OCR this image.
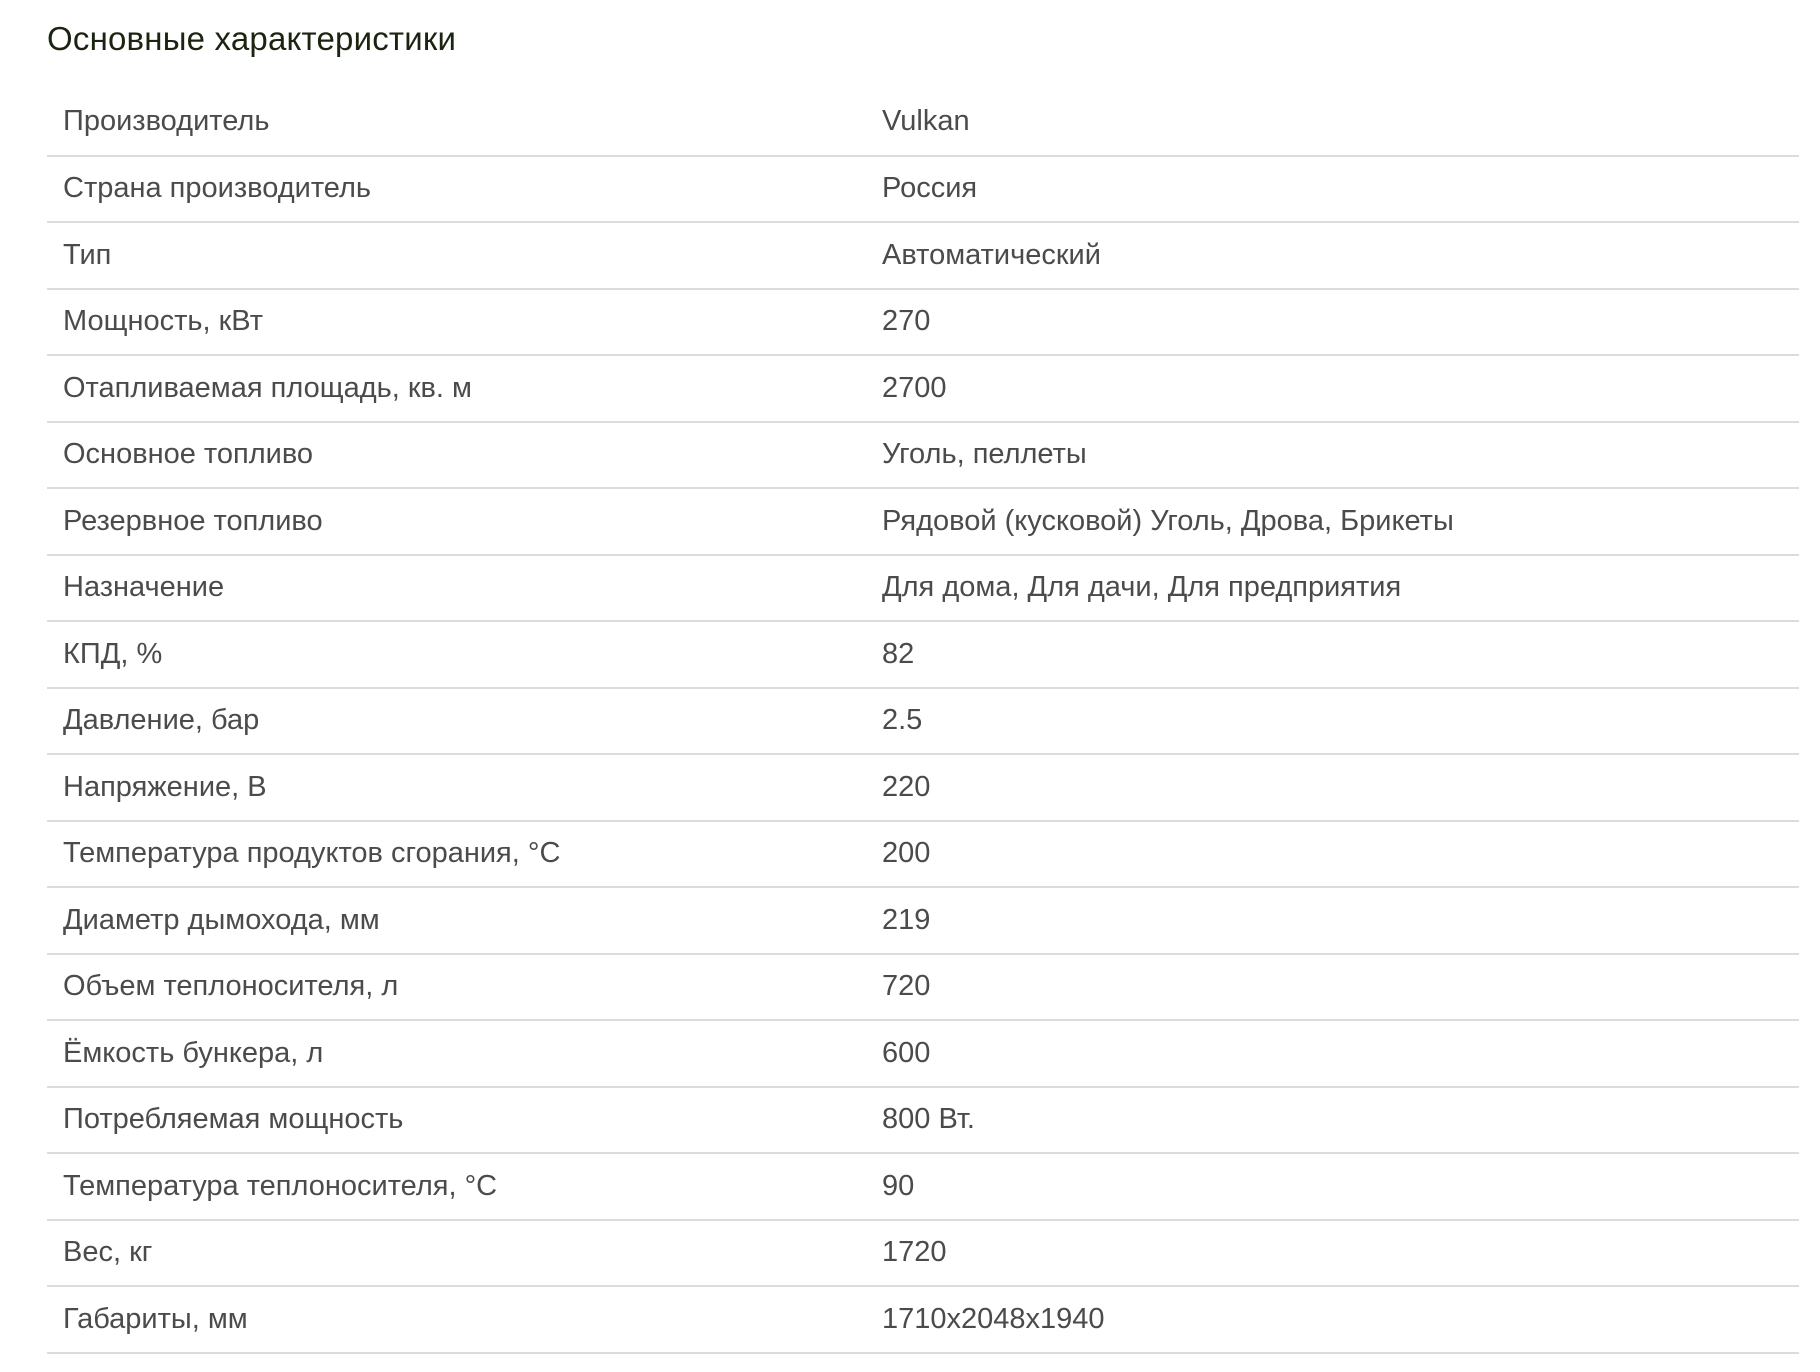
Основные характеристики
Производитель	Vulkan
Страна производитель	Россия
Тип	Автоматический
Мощность, кВт	270
Отапливаемая площадь, кв. м	2700
Основное топливо	Уголь, пеллеты
Резервное топливо	Рядовой (кусковой) Уголь, Дрова, Брикеты
Назначение	Для дома, Для дачи, Для предприятия
КПД, %	82
Давление, бар	2.5
Напряжение, В	220
Температура продуктов сгорания, °С	200
Диаметр дымохода, мм	219
Объем теплоносителя, л	720
Ёмкость бункера, л	600
Потребляемая мощность	800 Вт.
Температура теплоносителя, °С	90
Вес, кг	1720
Габариты, мм	1710x2048x1940
